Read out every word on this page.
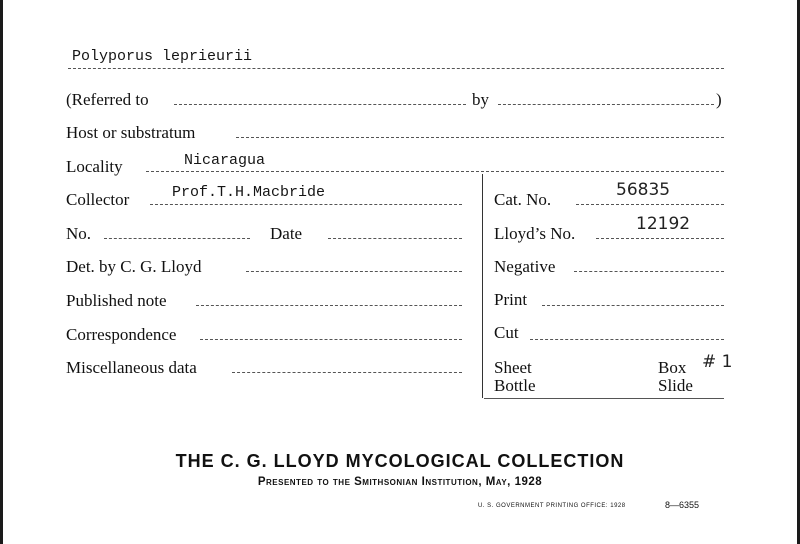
Polyporus leprieurii
(Referred to	by	)
Host or substratum
Locality	Nicaragua
Collector	Prof.T.H.Macbride	Cat. No.	56835
No.	Date	Lloyd’s No.	12192
Det. by C. G. Lloyd	Negative
Published note	Print
Correspondence	Cut
Miscellaneous data	Sheet	Box # 1
Bottle	Slide
THE C. G. LLOYD MYCOLOGICAL COLLECTION
Presented to the Smithsonian Institution, May, 1928
U. S. GOVERNMENT PRINTING OFFICE: 1928	8—6355
